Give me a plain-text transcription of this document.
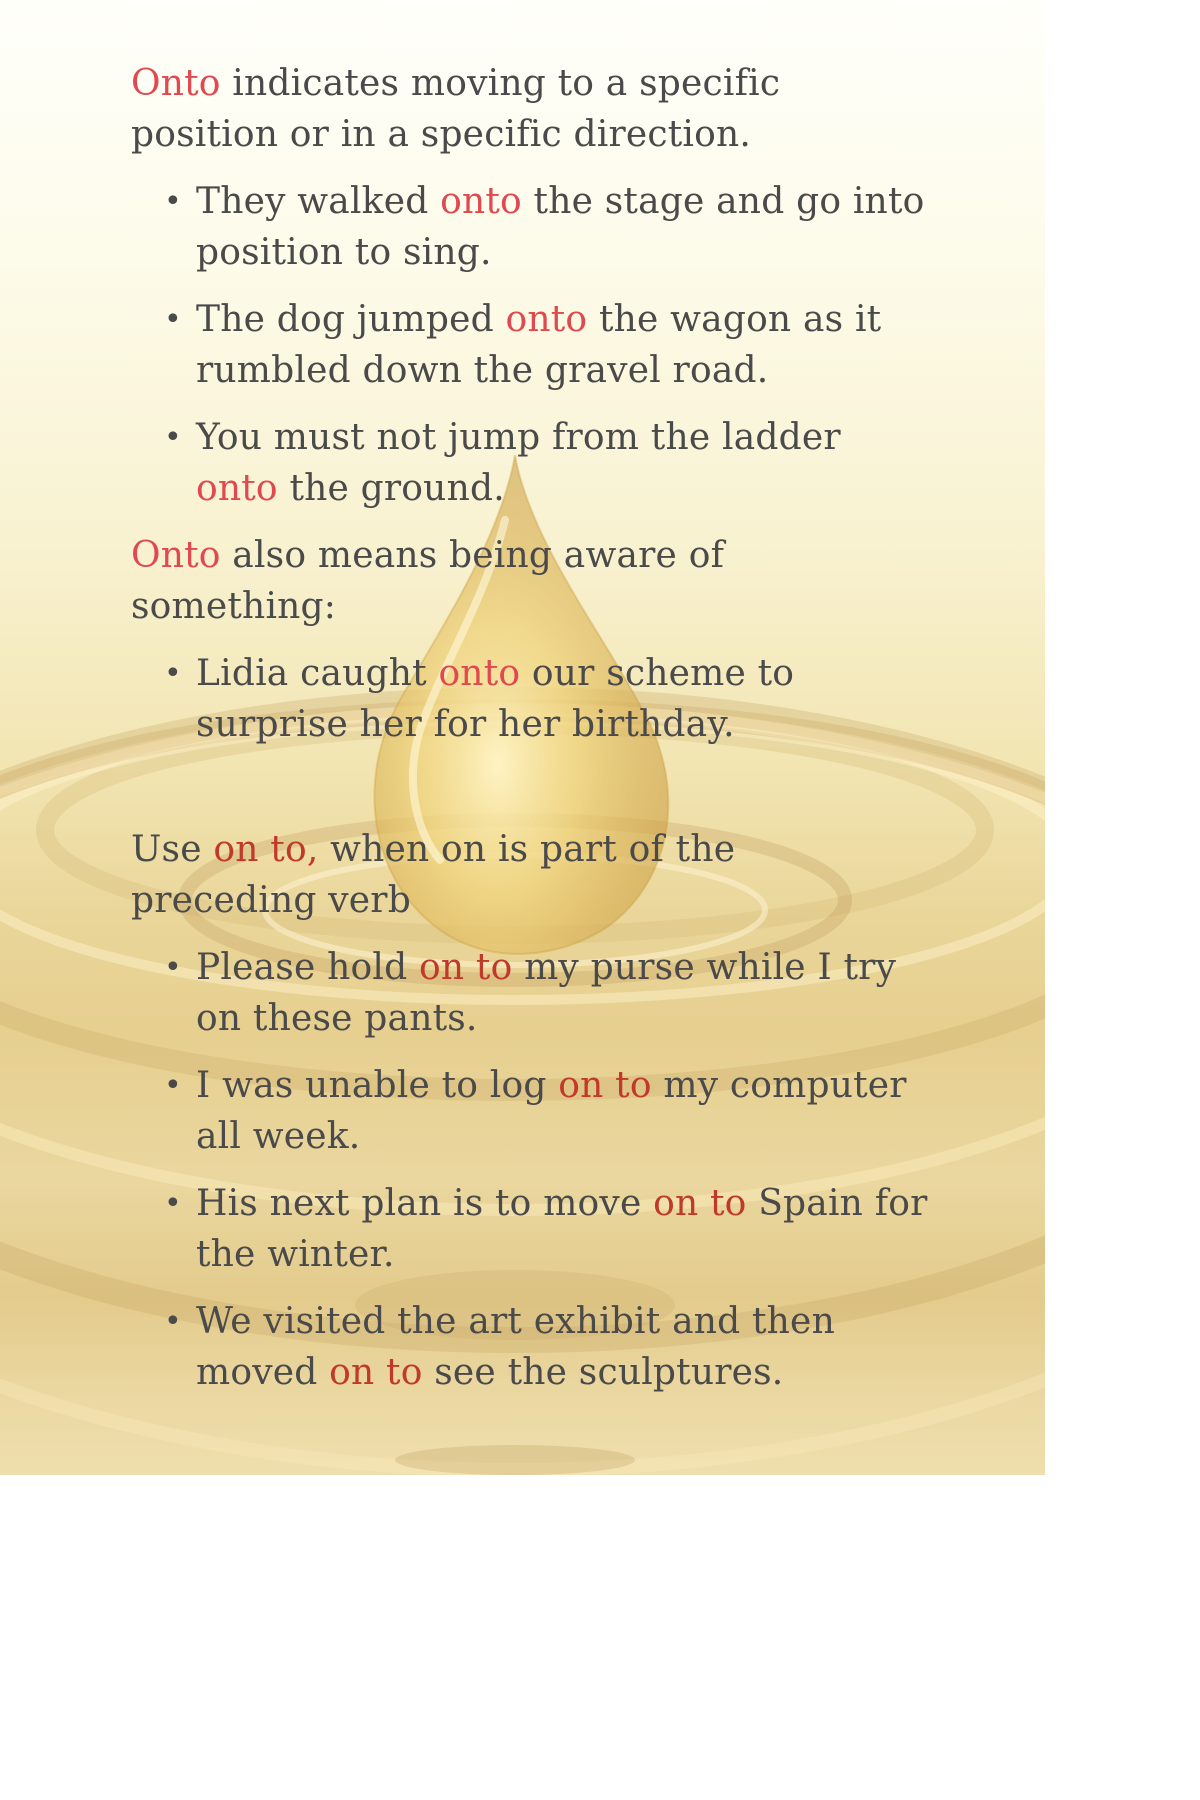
Onto indicates moving to a specific position or in a specific direction.

• They walked onto the stage and go into position to sing.
• The dog jumped onto the wagon as it rumbled down the gravel road.
• You must not jump from the ladder onto the ground.

Onto also means being aware of something:

• Lidia caught onto our scheme to surprise her for her birthday.

Use on to, when on is part of the preceding verb

• Please hold on to my purse while I try on these pants.
• I was unable to log on to my computer all week.
• His next plan is to move on to Spain for the winter.
• We visited the art exhibit and then moved on to see the sculptures.
